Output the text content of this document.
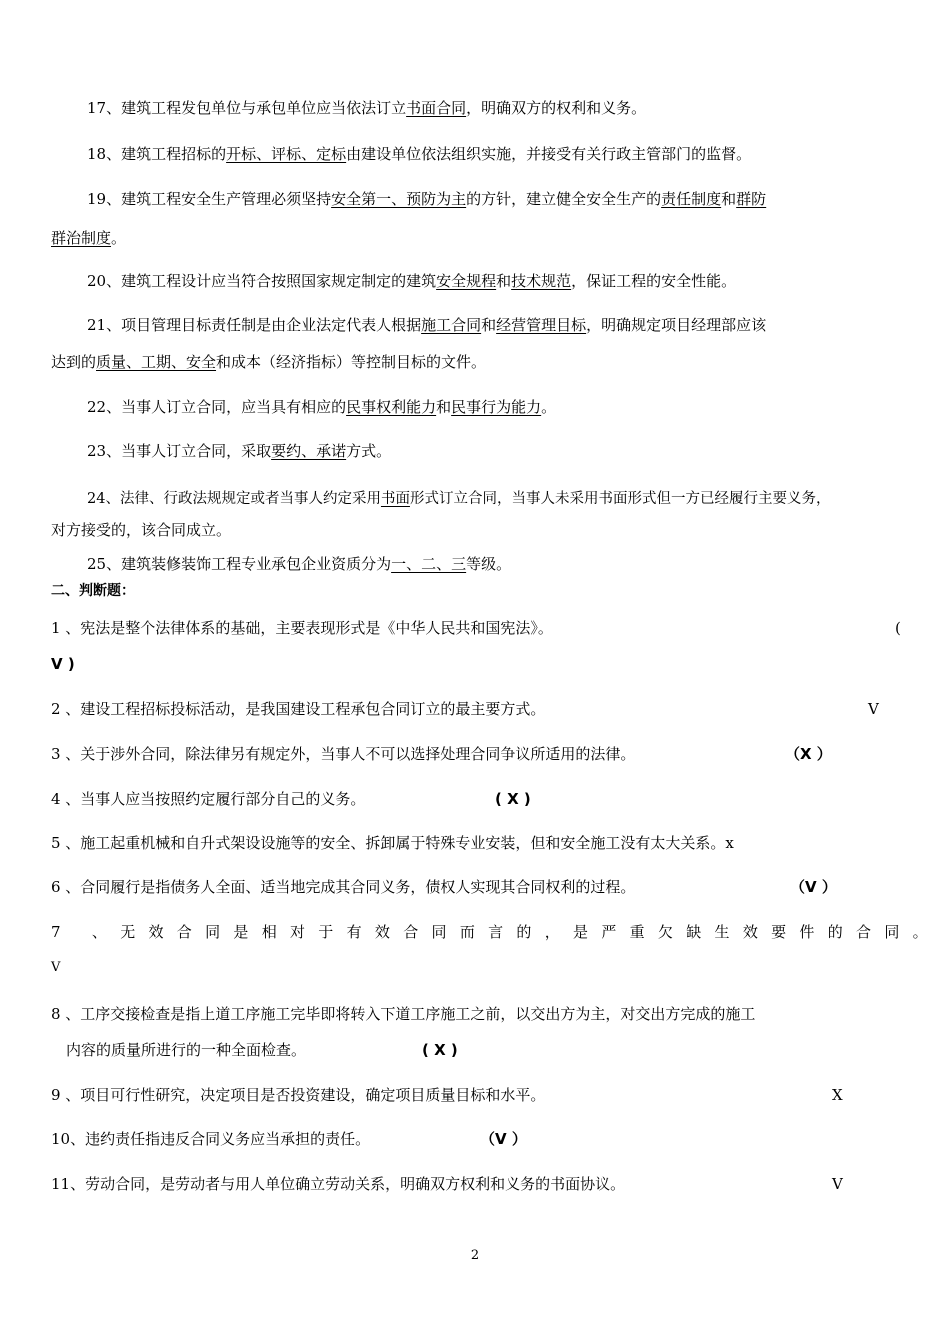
17、建筑工程发包单位与承包单位应当依法订立书面合同，明确双方的权利和义务。
18、建筑工程招标的开标、评标、定标由建设单位依法组织实施，并接受有关行政主管部门的监督。
19、建筑工程安全生产管理必须坚持安全第一、预防为主的方针，建立健全安全生产的责任制度和群防
群治制度。
20、建筑工程设计应当符合按照国家规定制定的建筑安全规程和技术规范，保证工程的安全性能。
21、项目管理目标责任制是由企业法定代表人根据施工合同和经营管理目标，明确规定项目经理部应该
达到的质量、工期、安全和成本（经济指标）等控制目标的文件。
22、当事人订立合同，应当具有相应的民事权利能力和民事行为能力。
23、当事人订立合同，采取要约、承诺方式。
24、法律、行政法规规定或者当事人约定采用书面形式订立合同，当事人未采用书面形式但一方已经履行主要义务，
对方接受的，该合同成立。
25、建筑装修装饰工程专业承包企业资质分为一、二、三等级。
二、判断题：
1 、宪法是整个法律体系的基础，主要表现形式是《中华人民共和国宪法》。	(
V )
2 、建设工程招标投标活动，是我国建设工程承包合同订立的最主要方式。	V
3 、关于涉外合同，除法律另有规定外，当事人不可以选择处理合同争议所适用的法律。	（X ）
4 、当事人应当按照约定履行部分自己的义务。	( X )
5 、施工起重机械和自升式架设设施等的安全、拆卸属于特殊专业安装，但和安全施工没有太大关系。x
6 、合同履行是指债务人全面、适当地完成其合同义务，债权人实现其合同权利的过程。	（V ）
7 、无效合同是相对于有效合同而言的，是严重欠缺生效要件的合同。
V
8 、工序交接检查是指上道工序施工完毕即将转入下道工序施工之前，以交出方为主，对交出方完成的施工
内容的质量所进行的一种全面检查。	( X )
9 、项目可行性研究，决定项目是否投资建设，确定项目质量目标和水平。	X
10、违约责任指违反合同义务应当承担的责任。	（V ）
11、劳动合同，是劳动者与用人单位确立劳动关系，明确双方权利和义务的书面协议。	V
2
